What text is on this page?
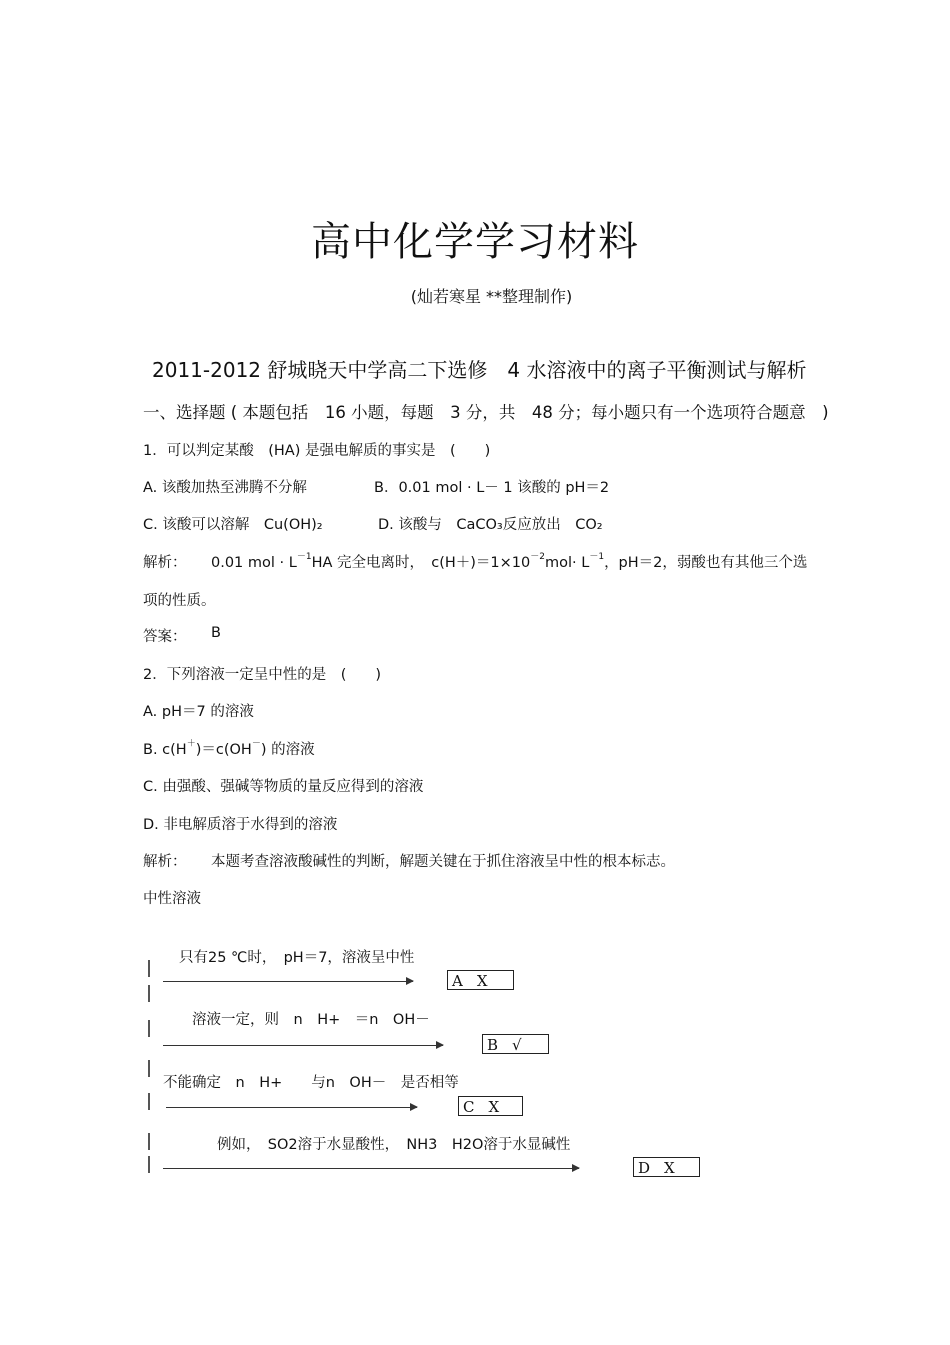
高中化学学习材料
(灿若寒星 **整理制作)
2011-2012 舒城晓天中学高二下选修　4 水溶液中的离子平衡测试与解析
一、选择题 ( 本题包括　16 小题，每题　3 分，共　48 分；每小题只有一个选项符合题意　)
1．可以判定某酸　(HA) 是强电解质的事实是　(　　)
A. 该酸加热至沸腾不分解	B．0.01 mol · L－ 1 该酸的 pH＝2
C. 该酸可以溶解　Cu(OH)₂	D. 该酸与　CaCO₃反应放出　CO₂
解析： 0.01 mol · $L^{-1}HA$ 完全电离时，　$c(H+)=1\times 10^{-2}mol\cdot L^{-1}$，pH＝2，弱酸也有其他三个选
项的性质。
答案： B
2．下列溶液一定呈中性的是　(　　)
A. pH＝7 的溶液
B. c(H＋)＝c(OH－) 的溶液
C. 由强酸、强碱等物质的量反应得到的溶液
D. 非电解质溶于水得到的溶液
解析： 本题考查溶液酸碱性的判断，解题关键在于抓住溶液呈中性的根本标志。
中性溶液
只有25 ℃时，　pH＝7，溶液呈中性
A X
溶液一定，则　n　H+　＝n　OH－
B √
不能确定　n　H+　　与n　OH－　是否相等
C X
例如，　SO2溶于水显酸性，　NH3　H2O溶于水显碱性
D X
